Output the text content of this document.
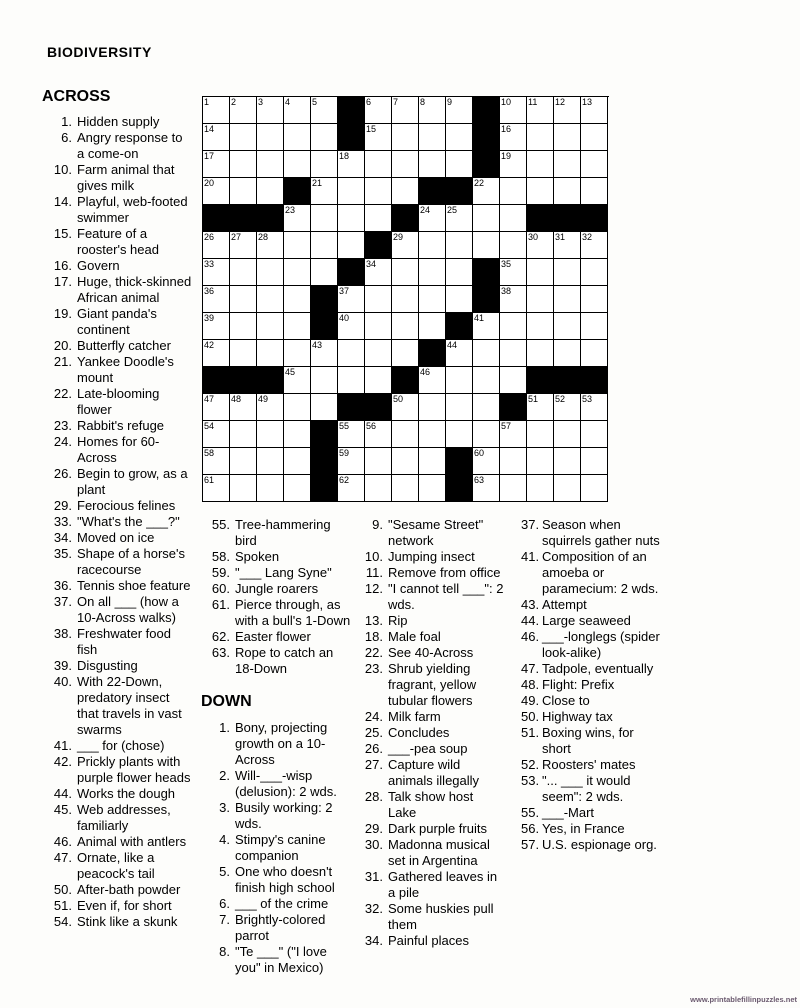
BIODIVERSITY
1 2 3 4 5	6 7 8 9	10 11 12 13
14	15	16
17	18	19
20	21	22
23	24 25
26 27 28	29	30 31 32
33	34	35
36	37	38
39	40	41
42	43	44
45	46
47 48 49	50	51 52 53
54	55 56	57
58	59	60
61	62	63
ACROSS
1. Hidden supply
6. Angry response to a come-on
10. Farm animal that gives milk
14. Playful, web-footed swimmer
15. Feature of a rooster's head
16. Govern
17. Huge, thick-skinned African animal
19. Giant panda's continent
20. Butterfly catcher
21. Yankee Doodle's mount
22. Late-blooming flower
23. Rabbit's refuge
24. Homes for 60-Across
26. Begin to grow, as a plant
29. Ferocious felines
33. "What's the ___?"
34. Moved on ice
35. Shape of a horse's racecourse
36. Tennis shoe feature
37. On all ___ (how a 10-Across walks)
38. Freshwater food fish
39. Disgusting
40. With 22-Down, predatory insect that travels in vast swarms
41. ___ for (chose)
42. Prickly plants with purple flower heads
44. Works the dough
45. Web addresses, familiarly
46. Animal with antlers
47. Ornate, like a peacock's tail
50. After-bath powder
51. Even if, for short
54. Stink like a skunk
55. Tree-hammering bird
58. Spoken
59. "___ Lang Syne"
60. Jungle roarers
61. Pierce through, as with a bull's 1-Down
62. Easter flower
63. Rope to catch an 18-Down
DOWN
1. Bony, projecting growth on a 10-Across
2. Will-___-wisp (delusion): 2 wds.
3. Busily working: 2 wds.
4. Stimpy's canine companion
5. One who doesn't finish high school
6. ___ of the crime
7. Brightly-colored parrot
8. "Te ___" ("I love you" in Mexico)
9. "Sesame Street" network
10. Jumping insect
11. Remove from office
12. "I cannot tell ___": 2 wds.
13. Rip
18. Male foal
22. See 40-Across
23. Shrub yielding fragrant, yellow tubular flowers
24. Milk farm
25. Concludes
26. ___-pea soup
27. Capture wild animals illegally
28. Talk show host Lake
29. Dark purple fruits
30. Madonna musical set in Argentina
31. Gathered leaves in a pile
32. Some huskies pull them
34. Painful places
37. Season when squirrels gather nuts
41. Composition of an amoeba or paramecium: 2 wds.
43. Attempt
44. Large seaweed
46. ___-longlegs (spider look-alike)
47. Tadpole, eventually
48. Flight: Prefix
49. Close to
50. Highway tax
51. Boxing wins, for short
52. Roosters' mates
53. "... ___ it would seem": 2 wds.
55. ___-Mart
56. Yes, in France
57. U.S. espionage org.
www.printablefillinpuzzles.net
